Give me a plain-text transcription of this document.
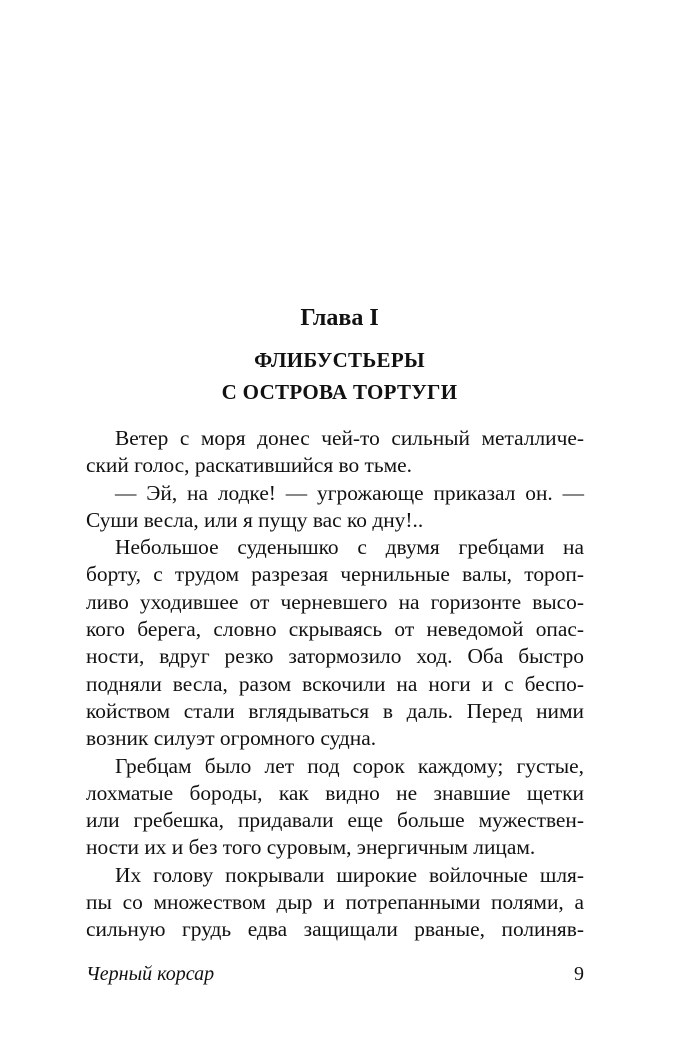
Глава I
ФЛИБУСТЬЕРЫ
С ОСТРОВА ТОРТУГИ
Ветер с моря донес чей-то сильный металличе-
ский голос, раскатившийся во тьме.
— Эй, на лодке! — угрожающе приказал он. —
Суши весла, или я пущу вас ко дну!..
Небольшое суденышко с двумя гребцами на
борту, с трудом разрезая чернильные валы, тороп-
ливо уходившее от черневшего на горизонте высо-
кого берега, словно скрываясь от неведомой опас-
ности, вдруг резко затормозило ход. Оба быстро
подняли весла, разом вскочили на ноги и с беспо-
койством стали вглядываться в даль. Перед ними
возник силуэт огромного судна.
Гребцам было лет под сорок каждому; густые,
лохматые бороды, как видно не знавшие щетки
или гребешка, придавали еще больше мужествен-
ности их и без того суровым, энергичным лицам.
Их голову покрывали широкие войлочные шля-
пы со множеством дыр и потрепанными полями, а
сильную грудь едва защищали рваные, полиняв-
Черный корсар	9
